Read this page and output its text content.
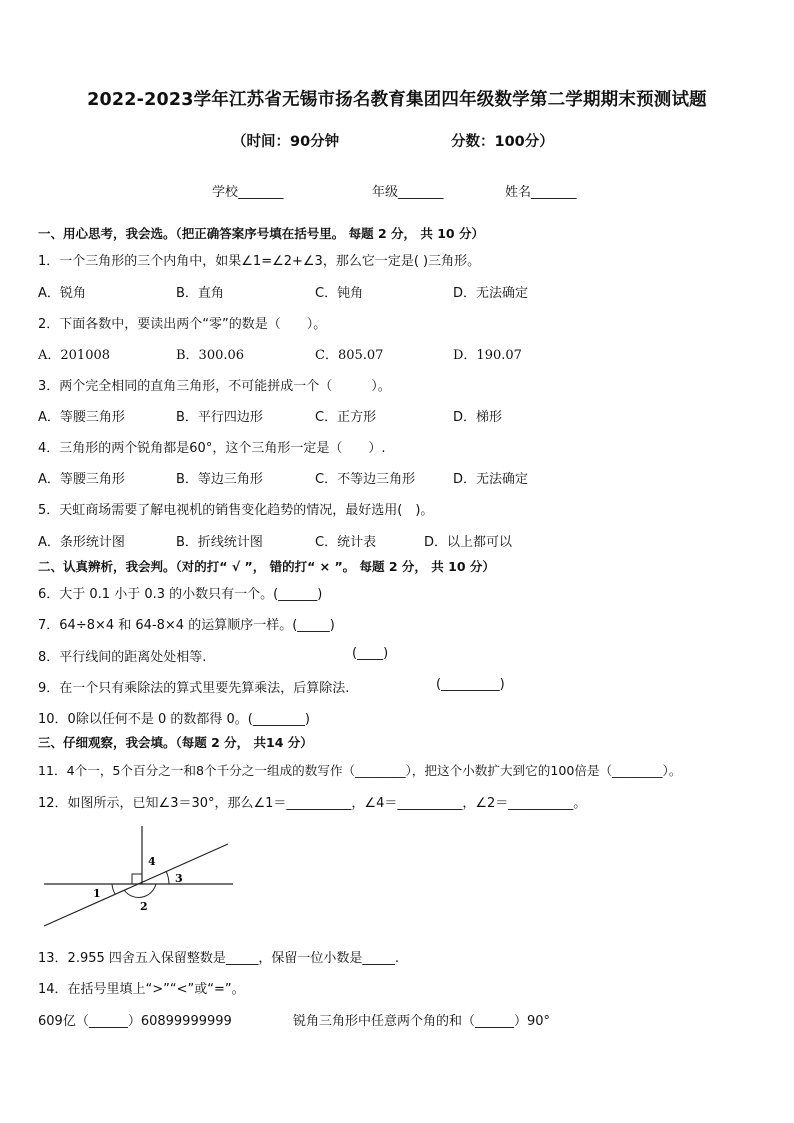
2022-2023学年江苏省无锡市扬名教育集团四年级数学第二学期期末预测试题
（时间：90分钟	分数：100分）
学校_______	年级_______	姓名_______
一、用心思考，我会选。（把正确答案序号填在括号里。 每题 2 分， 共 10 分）
1．一个三角形的三个内角中，如果∠1=∠2+∠3，那么它一定是( )三角形。
A．锐角	B．直角	C．钝角	D．无法确定
2．下面各数中，要读出两个“零”的数是（　　）。
A．201008	B．300.06	C．805.07	D．190.07
3．两个完全相同的直角三角形，不可能拼成一个（　　　）。
A．等腰三角形	B．平行四边形	C．正方形	D．梯形
4．三角形的两个锐角都是60°，这个三角形一定是（　　）.
A．等腰三角形	B．等边三角形	C．不等边三角形	D．无法确定
5．天虹商场需要了解电视机的销售变化趋势的情况，最好选用(　)。
A．条形统计图	B．折线统计图	C．统计表	D．以上都可以
二、认真辨析，我会判。（对的打“ √ ”， 错的打“ × ”。 每题 2 分， 共 10 分）
6．大于 0.1 小于 0.3 的小数只有一个。(______)
7．64÷8×4 和 64-8×4 的运算顺序一样。(_____)
8．平行线间的距离处处相等.	(____)
9．在一个只有乘除法的算式里要先算乘法，后算除法.	(_________)
10．0除以任何不是 0 的数都得 0。(________)
三、仔细观察，我会填。（每题 2 分， 共14 分）
11．4个一，5个百分之一和8个千分之一组成的数写作（________），把这个小数扩大到它的100倍是（________）。
12．如图所示，已知∠3＝30°，那么∠1＝__________，∠4＝__________，∠2＝__________。
1
2
3
4
13．2.955 四舍五入保留整数是_____，保留一位小数是_____.
14．在括号里填上“>”“<”或“=”。
609亿（______）60899999999	锐角三角形中任意两个角的和（______）90°
